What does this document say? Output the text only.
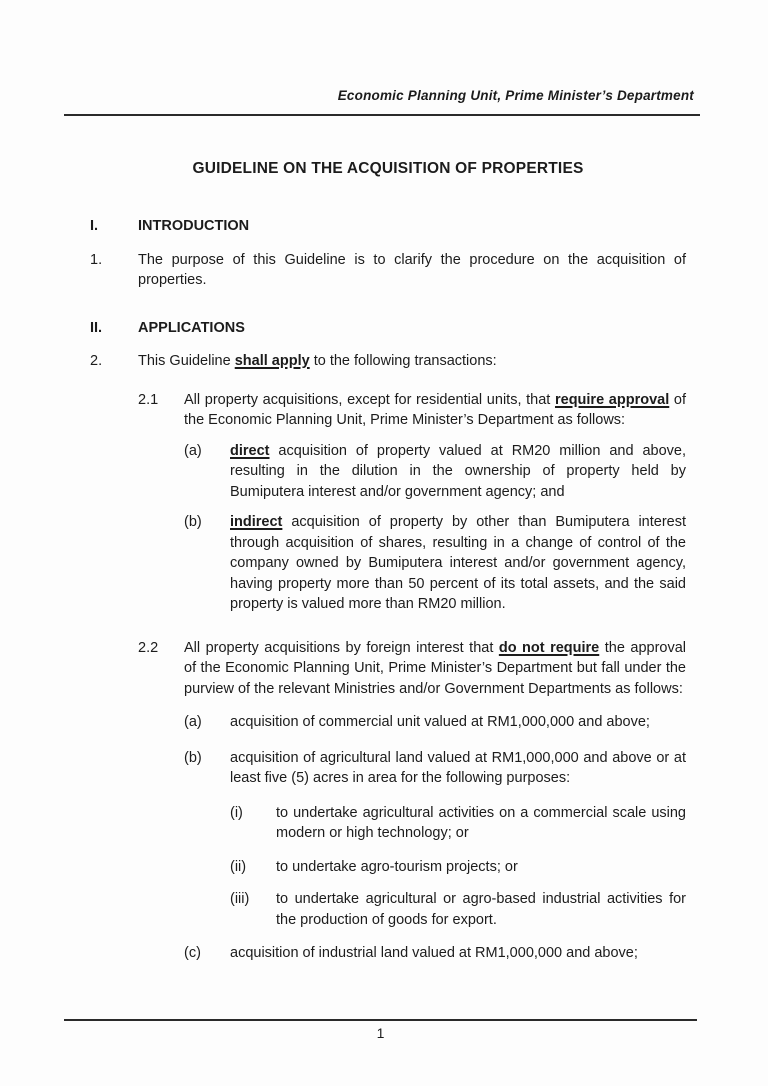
Economic Planning Unit, Prime Minister’s Department
GUIDELINE ON THE ACQUISITION OF PROPERTIES
I.	INTRODUCTION
1.	The purpose of this Guideline is to clarify the procedure on the acquisition of properties.
II.	APPLICATIONS
2.	This Guideline shall apply to the following transactions:
2.1	All property acquisitions, except for residential units, that require approval of the Economic Planning Unit, Prime Minister’s Department as follows:
(a)	direct acquisition of property valued at RM20 million and above, resulting in the dilution in the ownership of property held by Bumiputera interest and/or government agency; and
(b)	indirect acquisition of property by other than Bumiputera interest through acquisition of shares, resulting in a change of control of the company owned by Bumiputera interest and/or government agency, having property more than 50 percent of its total assets, and the said property is valued more than RM20 million.
2.2	All property acquisitions by foreign interest that do not require the approval of the Economic Planning Unit, Prime Minister’s Department but fall under the purview of the relevant Ministries and/or Government Departments as follows:
(a)	acquisition of commercial unit valued at RM1,000,000 and above;
(b)	acquisition of agricultural land valued at RM1,000,000 and above or at least five (5) acres in area for the following purposes:
(i)	to undertake agricultural activities on a commercial scale using modern or high technology; or
(ii)	to undertake agro-tourism projects; or
(iii)	to undertake agricultural or agro-based industrial activities for the production of goods for export.
(c)	acquisition of industrial land valued at RM1,000,000 and above;
1
